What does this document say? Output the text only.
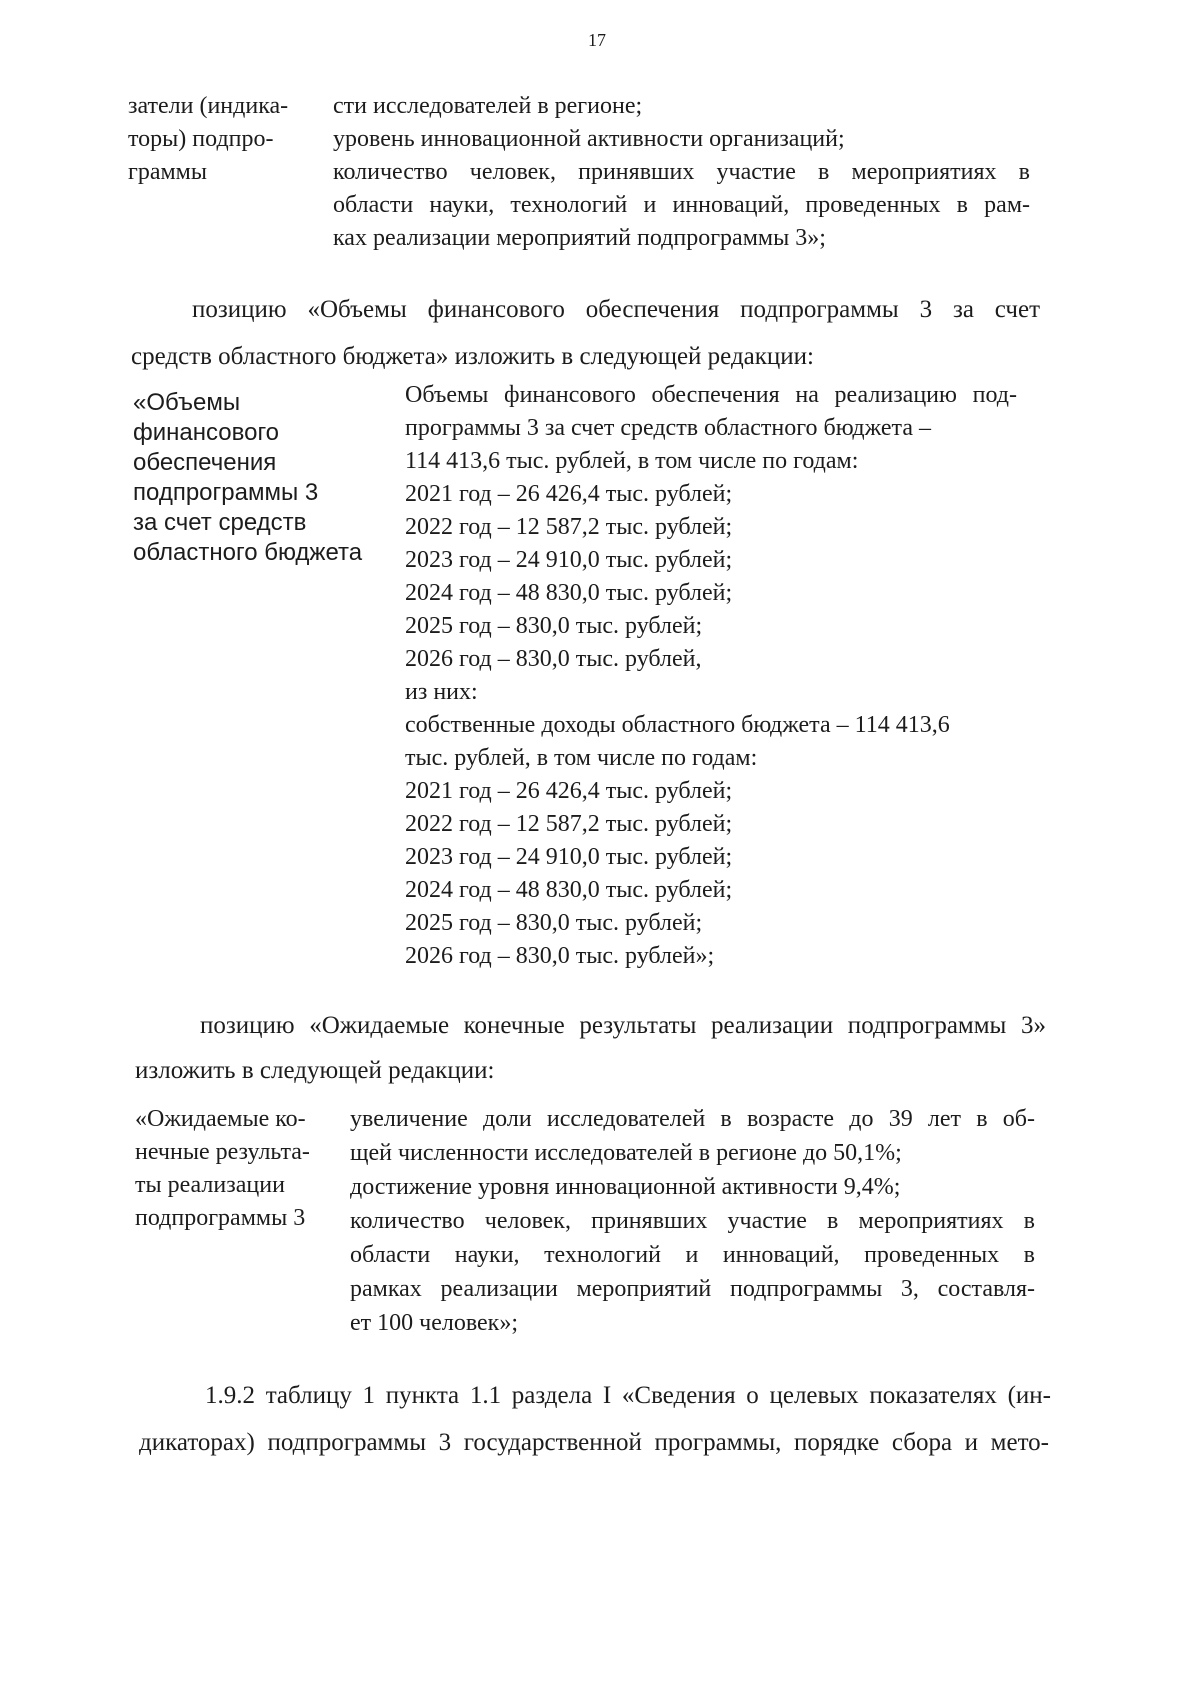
17
затели (индика-
торы) подпро-
граммы
сти исследователей в регионе;
уровень инновационной активности организаций;
количество человек, принявших участие в мероприятиях в
области науки, технологий и инноваций, проведенных в рам-
ках реализации мероприятий подпрограммы 3»;
позицию «Объемы финансового обеспечения подпрограммы 3 за счет
средств областного бюджета» изложить в следующей редакции:
«Объемы
финансового
обеспечения
подпрограммы 3
за счет средств
областного бюджета
Объемы финансового обеспечения на реализацию под-
программы 3 за счет средств областного бюджета –
114 413,6 тыс. рублей, в том числе по годам:
2021 год – 26 426,4 тыс. рублей;
2022 год – 12 587,2 тыс. рублей;
2023 год – 24 910,0 тыс. рублей;
2024 год – 48 830,0 тыс. рублей;
2025 год – 830,0 тыс. рублей;
2026 год – 830,0 тыс. рублей,
из них:
собственные доходы областного бюджета – 114 413,6
тыс. рублей, в том числе по годам:
2021 год – 26 426,4 тыс. рублей;
2022 год – 12 587,2 тыс. рублей;
2023 год – 24 910,0 тыс. рублей;
2024 год – 48 830,0 тыс. рублей;
2025 год – 830,0 тыс. рублей;
2026 год – 830,0 тыс. рублей»;
позицию «Ожидаемые конечные результаты реализации подпрограммы 3»
изложить в следующей редакции:
«Ожидаемые ко-
нечные результа-
ты реализации
подпрограммы 3
увеличение доли исследователей в возрасте до 39 лет в об-
щей численности исследователей в регионе до 50,1%;
достижение уровня инновационной активности 9,4%;
количество человек, принявших участие в мероприятиях в
области науки, технологий и инноваций, проведенных в
рамках реализации мероприятий подпрограммы 3, составля-
ет 100 человек»;
1.9.2 таблицу 1 пункта 1.1 раздела I «Сведения о целевых показателях (ин-
дикаторах) подпрограммы 3 государственной программы, порядке сбора и мето-
